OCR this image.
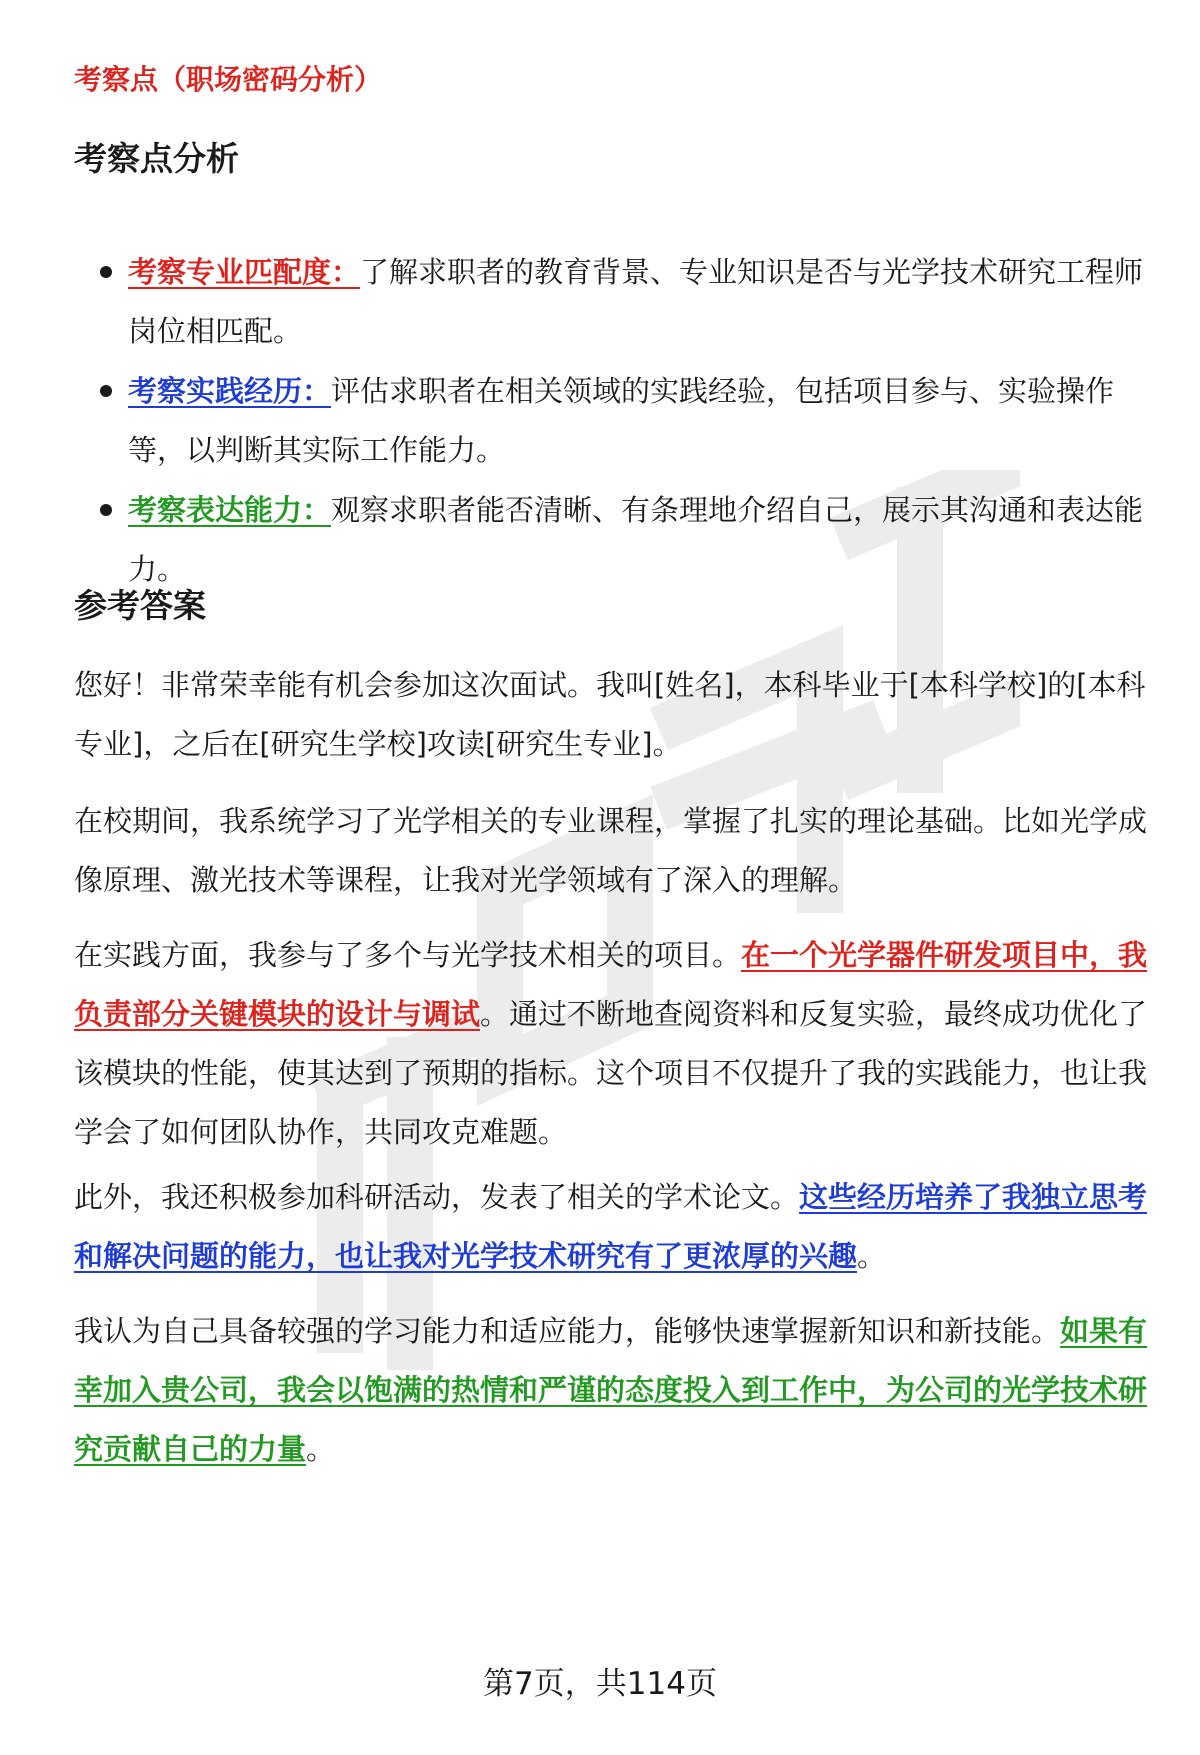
考察点（职场密码分析）
考察点分析
考察专业匹配度：了解求职者的教育背景、专业知识是否与光学技术研究工程师岗位相匹配。
考察实践经历：评估求职者在相关领域的实践经验，包括项目参与、实验操作等，以判断其实际工作能力。
考察表达能力：观察求职者能否清晰、有条理地介绍自己，展示其沟通和表达能力。
参考答案

您好！非常荣幸能有机会参加这次面试。我叫[姓名]，本科毕业于[本科学校]的[本科专业]，之后在[研究生学校]攻读[研究生专业]。

在校期间，我系统学习了光学相关的专业课程，掌握了扎实的理论基础。比如光学成像原理、激光技术等课程，让我对光学领域有了深入的理解。

在实践方面，我参与了多个与光学技术相关的项目。在一个光学器件研发项目中，我负责部分关键模块的设计与调试。通过不断地查阅资料和反复实验，最终成功优化了该模块的性能，使其达到了预期的指标。这个项目不仅提升了我的实践能力，也让我学会了如何团队协作，共同攻克难题。

此外，我还积极参加科研活动，发表了相关的学术论文。这些经历培养了我独立思考和解决问题的能力，也让我对光学技术研究有了更浓厚的兴趣。

我认为自己具备较强的学习能力和适应能力，能够快速掌握新知识和新技能。如果有幸加入贵公司，我会以饱满的热情和严谨的态度投入到工作中，为公司的光学技术研究贡献自己的力量。

第7页，共114页
